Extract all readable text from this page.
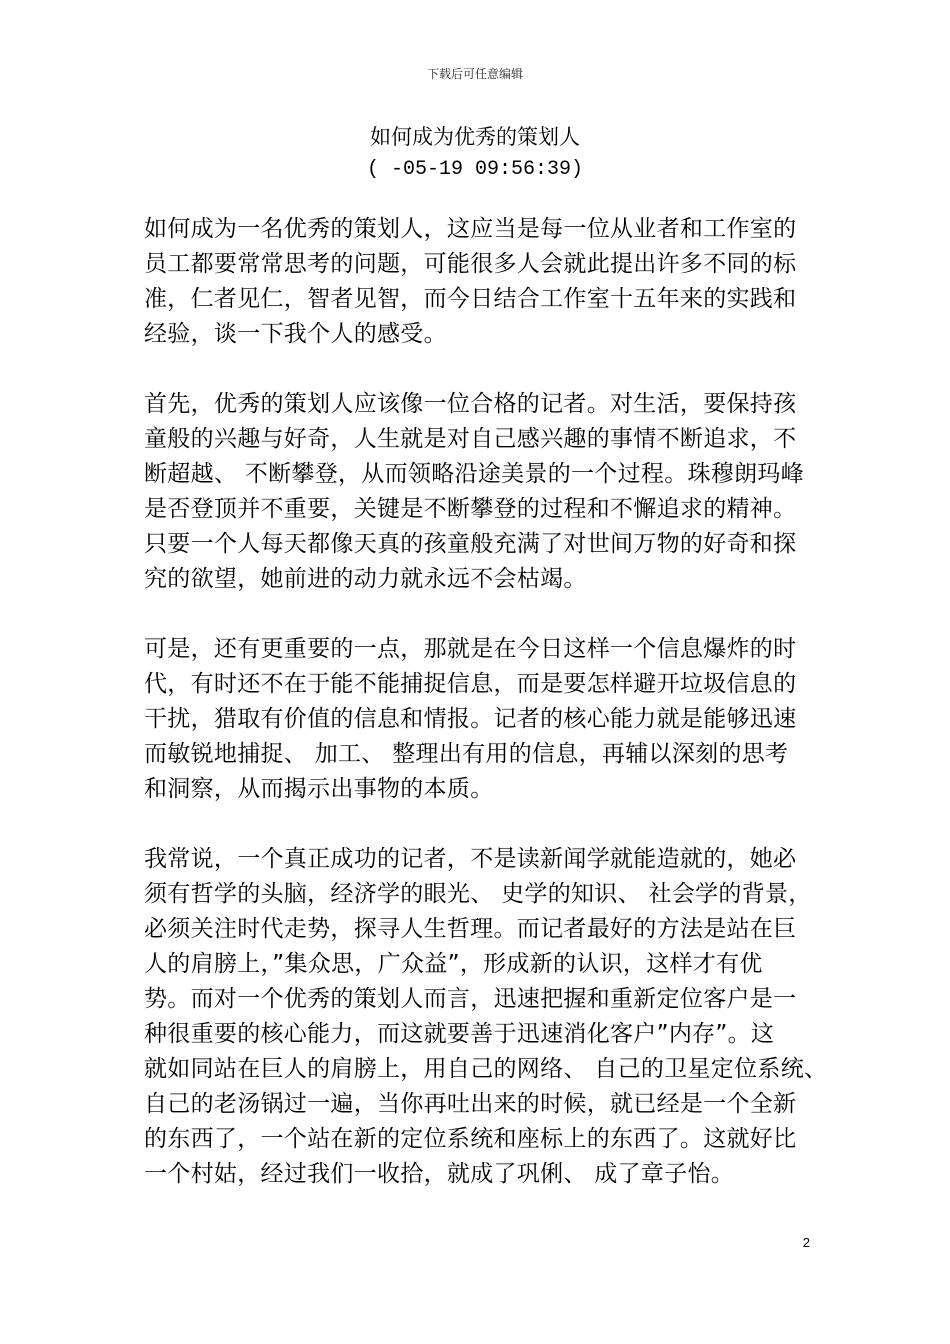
下载后可任意编辑
如何成为优秀的策划人
( -05-19 09:56:39)
如何成为一名优秀的策划人，这应当是每一位从业者和工作室的
员工都要常常思考的问题，可能很多人会就此提出许多不同的标
准，仁者见仁，智者见智，而今日结合工作室十五年来的实践和
经验，谈一下我个人的感受。
首先，优秀的策划人应该像一位合格的记者。对生活，要保持孩
童般的兴趣与好奇，人生就是对自己感兴趣的事情不断追求，不
断超越、 不断攀登，从而领略沿途美景的一个过程。珠穆朗玛峰
是否登顶并不重要，关键是不断攀登的过程和不懈追求的精神。
只要一个人每天都像天真的孩童般充满了对世间万物的好奇和探
究的欲望，她前进的动力就永远不会枯竭。
可是，还有更重要的一点，那就是在今日这样一个信息爆炸的时
代，有时还不在于能不能捕捉信息，而是要怎样避开垃圾信息的
干扰，猎取有价值的信息和情报。记者的核心能力就是能够迅速
而敏锐地捕捉、 加工、 整理出有用的信息，再辅以深刻的思考
和洞察，从而揭示出事物的本质。
我常说，一个真正成功的记者，不是读新闻学就能造就的，她必
须有哲学的头脑，经济学的眼光、 史学的知识、 社会学的背景，
必须关注时代走势，探寻人生哲理。而记者最好的方法是站在巨
人的肩膀上，”集众思，广众益”，形成新的认识，这样才有优
势。而对一个优秀的策划人而言，迅速把握和重新定位客户是一
种很重要的核心能力，而这就要善于迅速消化客户”内存”。这
就如同站在巨人的肩膀上，用自己的网络、 自己的卫星定位系统、
自己的老汤锅过一遍，当你再吐出来的时候，就已经是一个全新
的东西了，一个站在新的定位系统和座标上的东西了。这就好比
一个村姑，经过我们一收拾，就成了巩俐、 成了章子怡。
2
